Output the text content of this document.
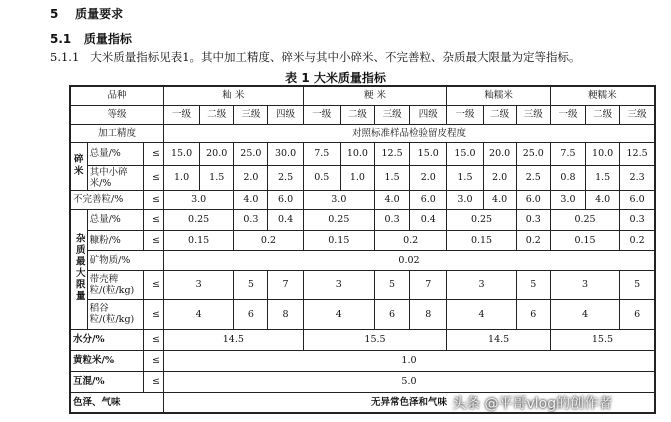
5 质量要求
5.1 质量指标
5.1.1 大米质量指标见表1。其中加工精度、碎米与其中小碎米、不完善粒、杂质最大限量为定等指标。
表 1 大米质量指标
品种			籼 米				粳 米				籼糯米			粳糯米		
等级			一级	二级	三级	四级	一级	二级	三级	四级	一级	二级	三级	一级	二级	三级
加工精度			对照标准样品检验留皮程度													
碎米	总量/%	≤	15.0	20.0	25.0	30.0	7.5	10.0	12.5	15.0	15.0	20.0	25.0	7.5	10.0	12.5
	其中小碎米/%	≤	1.0	1.5	2.0	2.5	0.5	1.0	1.5	2.0	1.5	2.0	2.5	0.8	1.5	2.3
不完善粒/%		≤	3.0		4.0	6.0	3.0		4.0	6.0	3.0	4.0	6.0	3.0	4.0	6.0
杂质最大限量	总量/%	≤	0.25		0.3	0.4	0.25		0.3	0.4	0.25		0.3	0.25		0.3
	糠粉/%	≤	0.15		0.2		0.15		0.2		0.15		0.2	0.15		0.2
	矿物质/%		0.02													
	带壳稗粒/(粒/kg)	≤	3		5	7	3		5	7	3		5	3		5
	稻谷粒/(粒/kg)	≤	4		6	8	4		6	8	4		6	4		6
水分/%		≤	14.5				15.5				14.5			15.5		
黄粒米/%		≤	1.0													
互混/%		≤	5.0													
色泽、气味			无异常色泽和气味													头条 @平哥vlog的创作者
